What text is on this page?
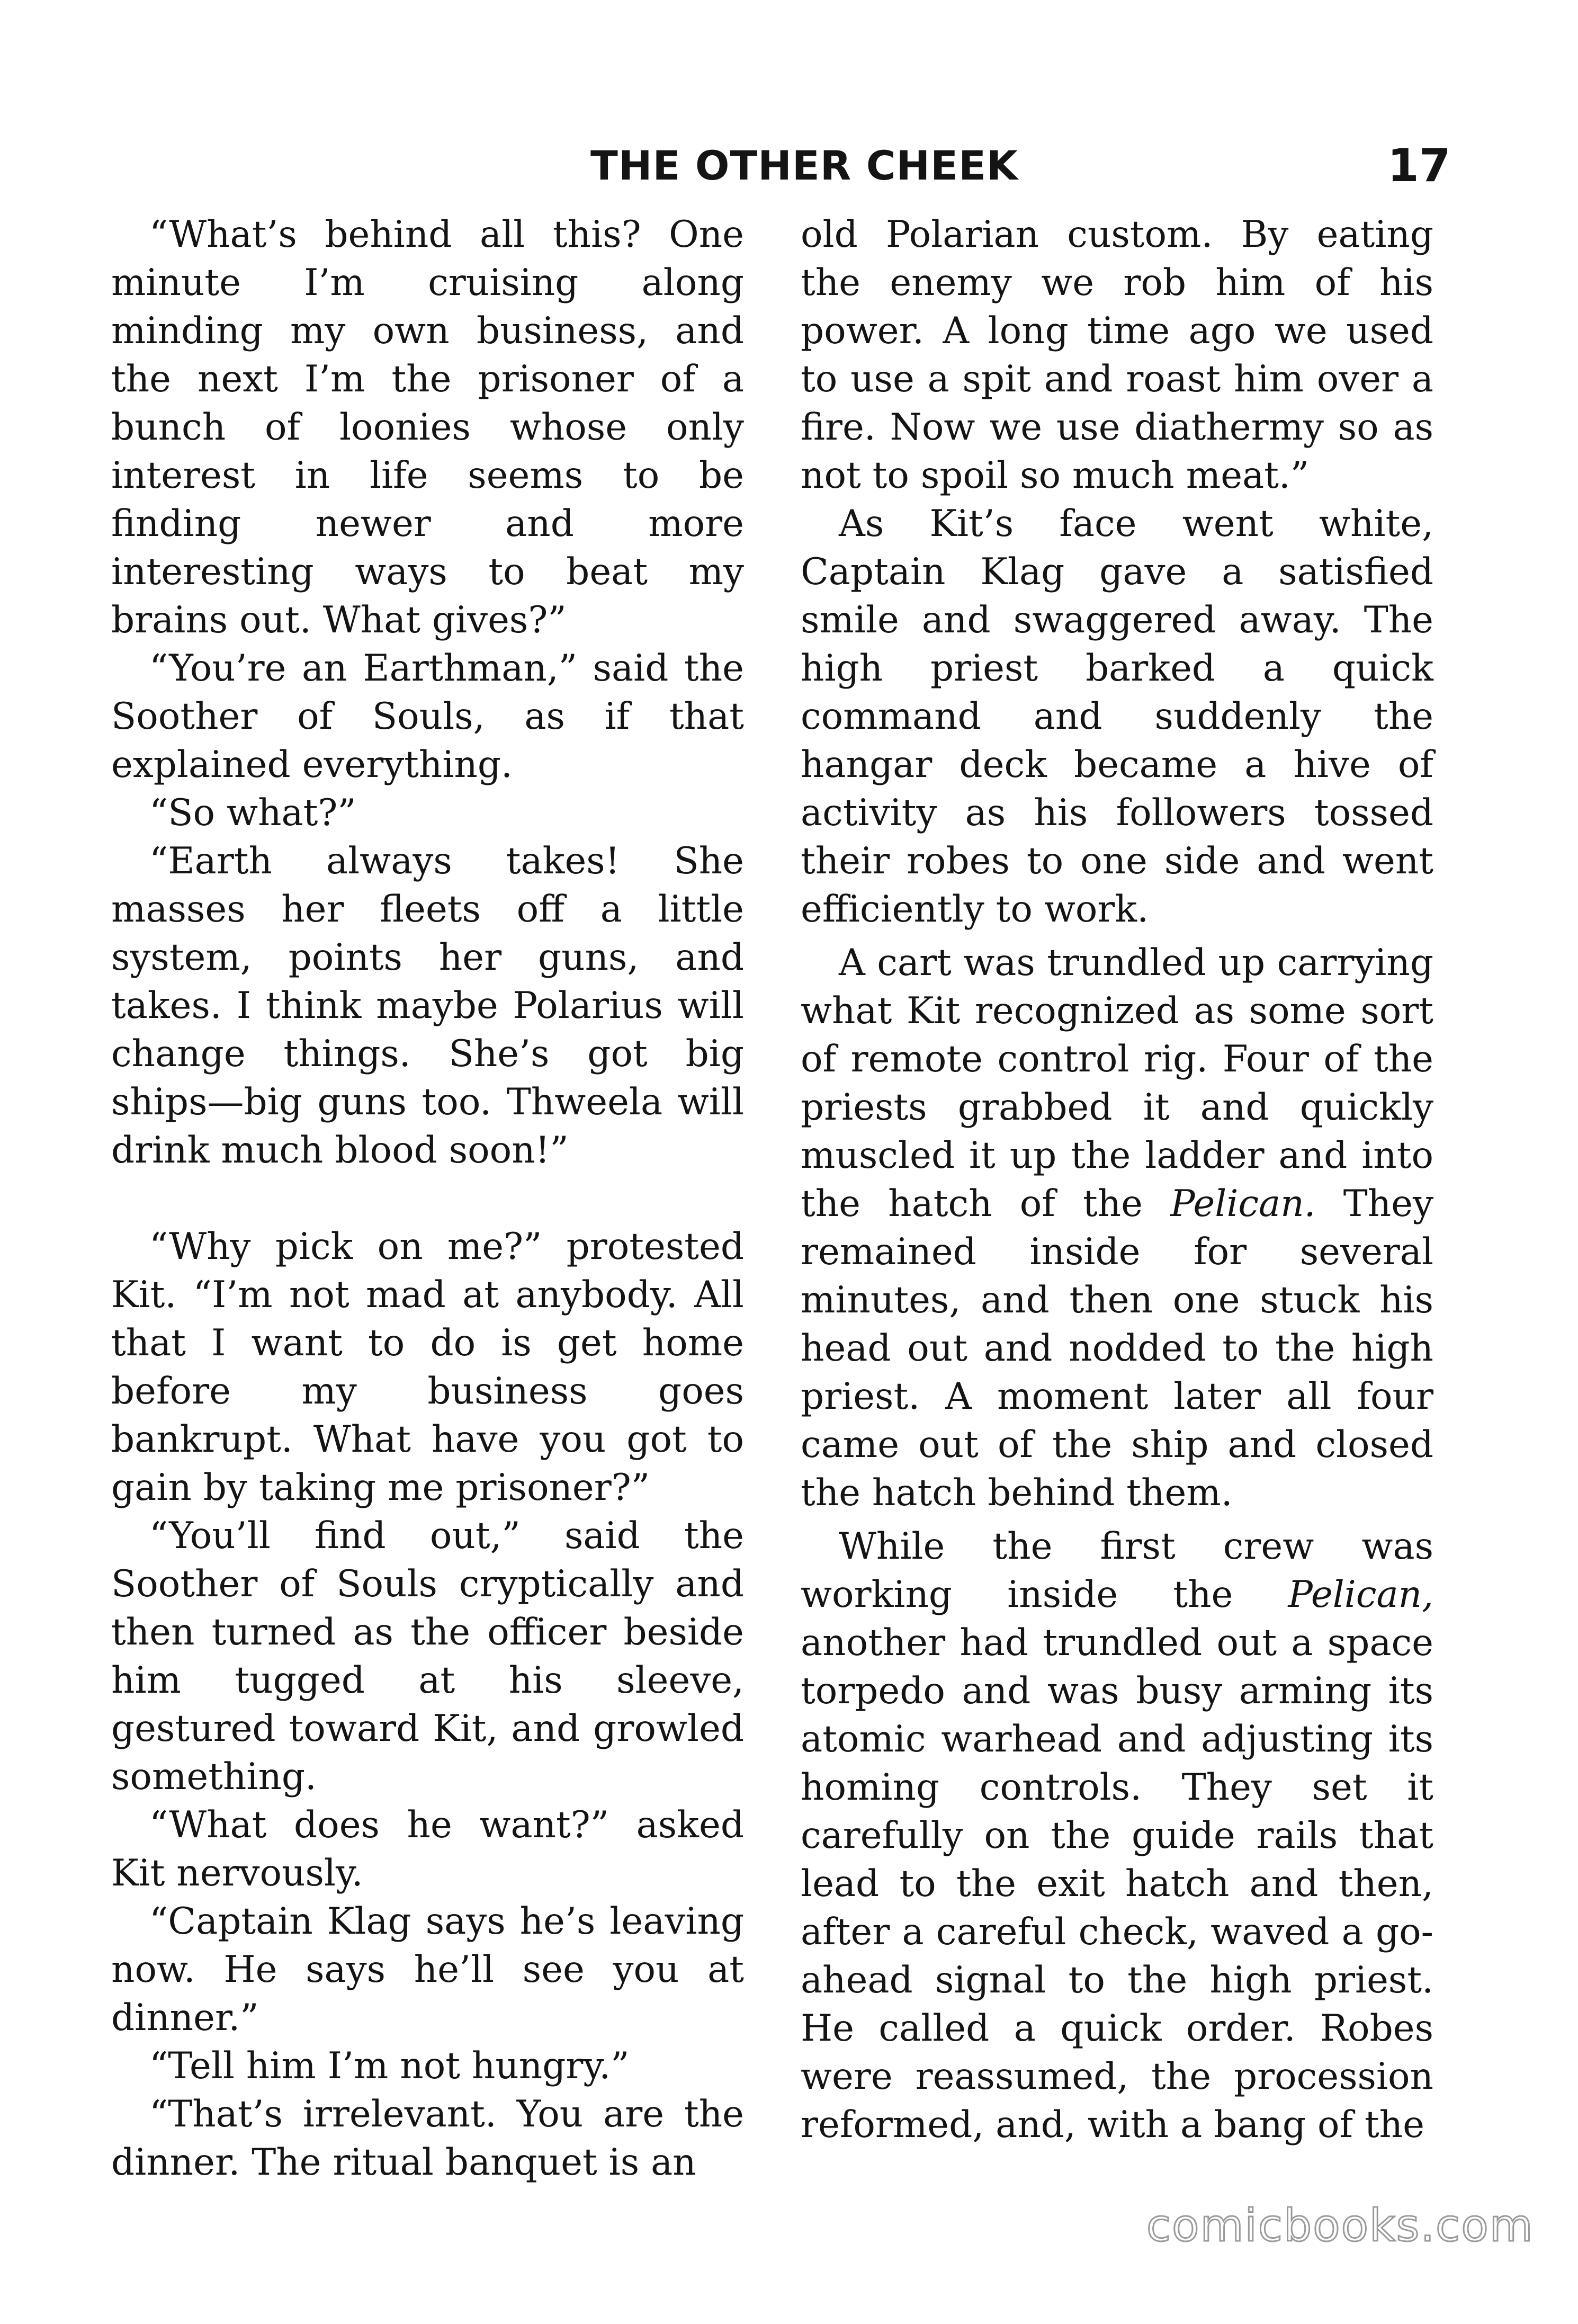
THE OTHER CHEEK	17

“What’s behind all this? One minute I’m cruising along minding my own business, and the next I’m the prisoner of a bunch of loonies whose only interest in life seems to be finding newer and more interesting ways to beat my brains out. What gives?”

“You’re an Earthman,” said the Soother of Souls, as if that explained everything.

“So what?”

“Earth always takes! She masses her fleets off a little system, points her guns, and takes. I think maybe Polarius will change things. She’s got big ships—big guns too. Thweela will drink much blood soon!”

“Why pick on me?” protested Kit. “I’m not mad at anybody. All that I want to do is get home before my business goes bankrupt. What have you got to gain by taking me prisoner?”

“You’ll find out,” said the Soother of Souls cryptically and then turned as the officer beside him tugged at his sleeve, gestured toward Kit, and growled something.

“What does he want?” asked Kit nervously.

“Captain Klag says he’s leaving now. He says he’ll see you at dinner.”

“Tell him I’m not hungry.”

“That’s irrelevant. You are the dinner. The ritual banquet is an

old Polarian custom. By eating the enemy we rob him of his power. A long time ago we used to use a spit and roast him over a fire. Now we use diathermy so as not to spoil so much meat.”

As Kit’s face went white, Captain Klag gave a satisfied smile and swaggered away. The high priest barked a quick command and suddenly the hangar deck became a hive of activity as his followers tossed their robes to one side and went efficiently to work.

A cart was trundled up carrying what Kit recognized as some sort of remote control rig. Four of the priests grabbed it and quickly muscled it up the ladder and into the hatch of the Pelican. They remained inside for several minutes, and then one stuck his head out and nodded to the high priest. A moment later all four came out of the ship and closed the hatch behind them.

While the first crew was working inside the Pelican, another had trundled out a space torpedo and was busy arming its atomic warhead and adjusting its homing controls. They set it carefully on the guide rails that lead to the exit hatch and then, after a careful check, waved a go-ahead signal to the high priest. He called a quick order. Robes were reassumed, the procession reformed, and, with a bang of the

comicbooks.com
